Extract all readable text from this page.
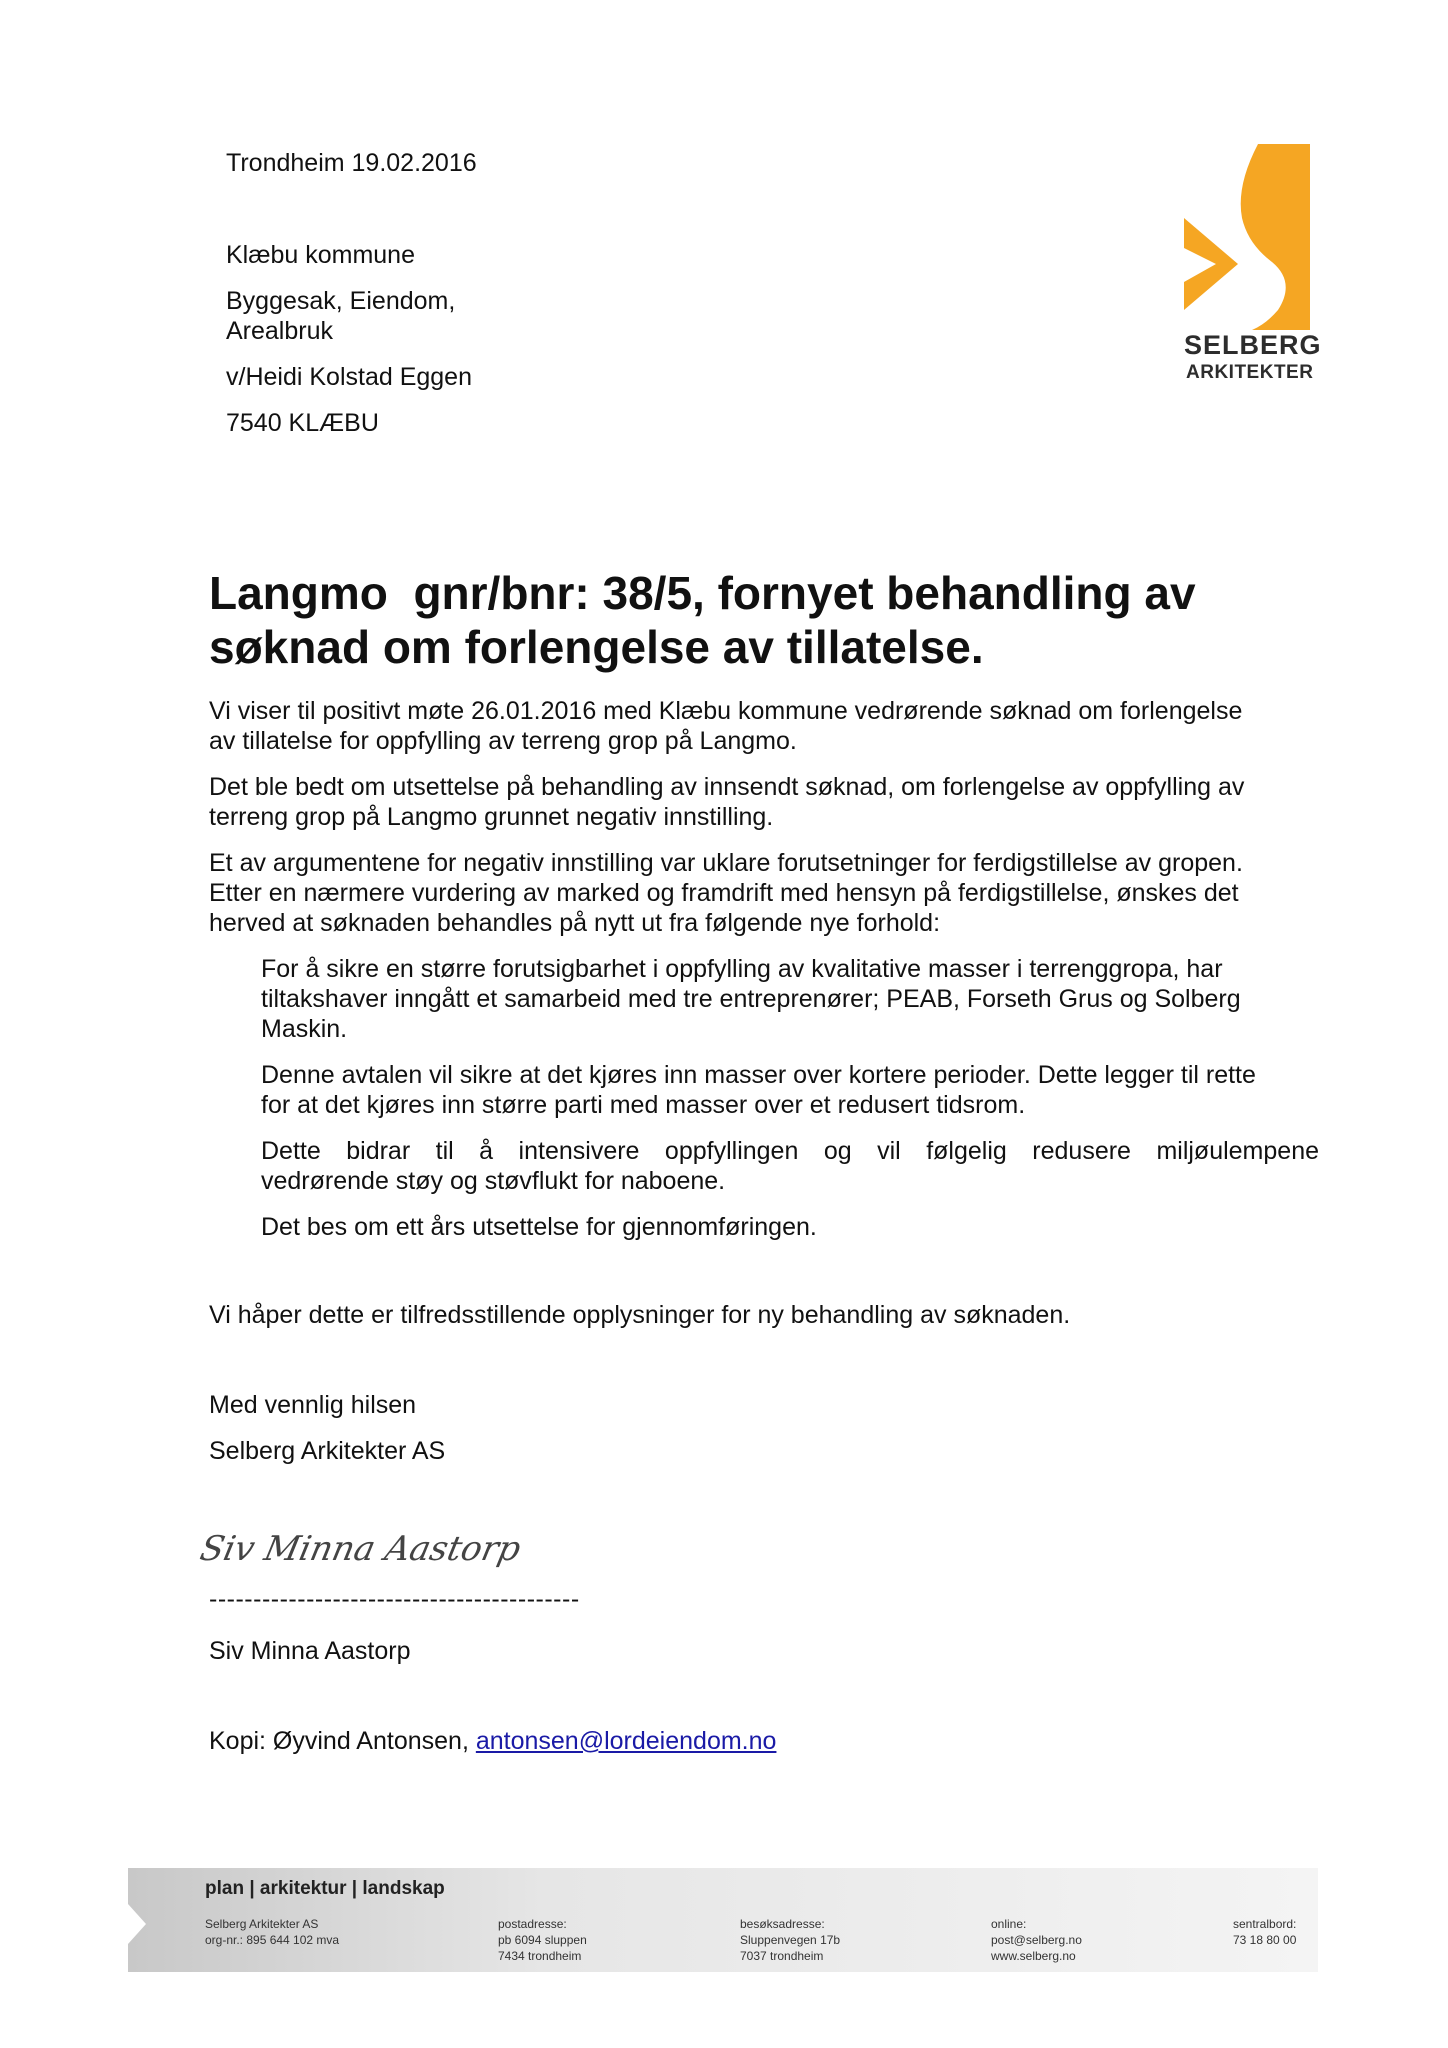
Trondheim 19.02.2016
Klæbu kommune
Byggesak, Eiendom,
Arealbruk
v/Heidi Kolstad Eggen
7540 KLÆBU
SELBERG
ARKITEKTER
Langmo  gnr/bnr: 38/5, fornyet behandling av
søknad om forlengelse av tillatelse.
Vi viser til positivt møte 26.01.2016 med Klæbu kommune vedrørende søknad om forlengelse
av tillatelse for oppfylling av terreng grop på Langmo.
Det ble bedt om utsettelse på behandling av innsendt søknad, om forlengelse av oppfylling av
terreng grop på Langmo grunnet negativ innstilling.
Et av argumentene for negativ innstilling var uklare forutsetninger for ferdigstillelse av gropen.
Etter en nærmere vurdering av marked og framdrift med hensyn på ferdigstillelse, ønskes det
herved at søknaden behandles på nytt ut fra følgende nye forhold:
For å sikre en større forutsigbarhet i oppfylling av kvalitative masser i terrenggropa, har
tiltakshaver inngått et samarbeid med tre entreprenører; PEAB, Forseth Grus og Solberg
Maskin.
Denne avtalen vil sikre at det kjøres inn masser over kortere perioder. Dette legger til rette
for at det kjøres inn større parti med masser over et redusert tidsrom.
Dette bidrar til å intensivere oppfyllingen og vil følgelig redusere miljøulempene
vedrørende støy og støvflukt for naboene.
Det bes om ett års utsettelse for gjennomføringen.
Vi håper dette er tilfredsstillende opplysninger for ny behandling av søknaden.
Med vennlig hilsen
Selberg Arkitekter AS
Siv Minna Aastorp
------------------------------------------
Siv Minna Aastorp
Kopi: Øyvind Antonsen, antonsen@lordeiendom.no
plan | arkitektur | landskap
Selberg Arkitekter AS
org-nr.: 895 644 102 mva
postadresse:
pb 6094 sluppen
7434 trondheim
besøksadresse:
Sluppenvegen 17b
7037 trondheim
online:
post@selberg.no
www.selberg.no
sentralbord:
73 18 80 00
